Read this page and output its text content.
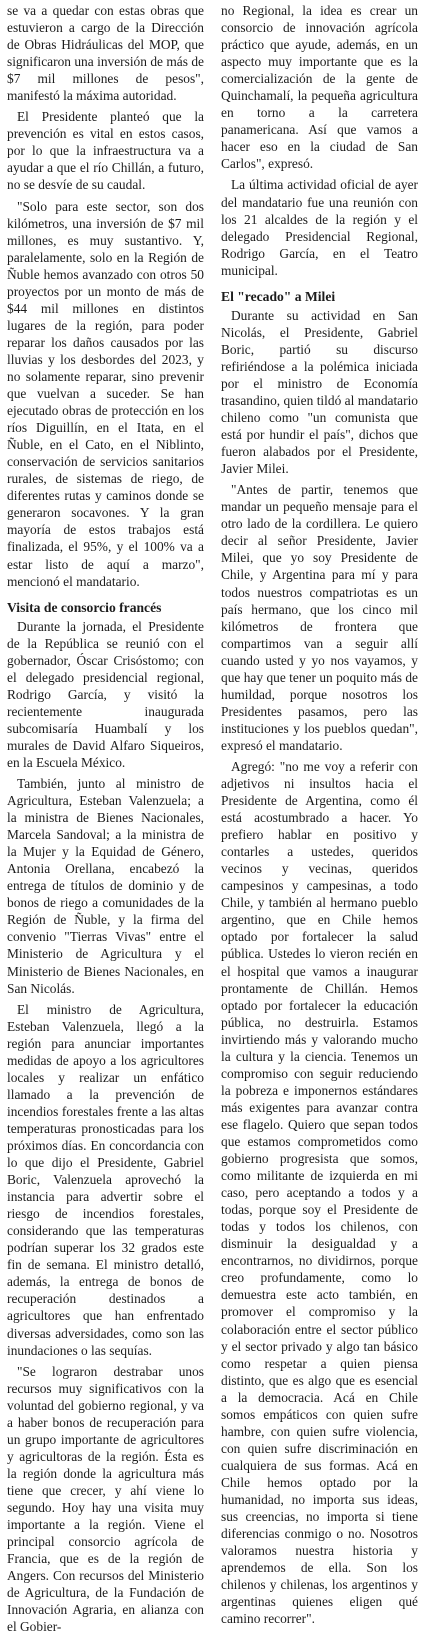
se va a quedar con estas obras que estuvieron a cargo de la Dirección de Obras Hidráulicas del MOP, que significaron una inversión de más de $7 mil millones de pesos", manifestó la máxima autoridad.

El Presidente planteó que la prevención es vital en estos casos, por lo que la infraestructura va a ayudar a que el río Chillán, a futuro, no se desvíe de su caudal.

"Solo para este sector, son dos kilómetros, una inversión de $7 mil millones, es muy sustantivo. Y, paralelamente, solo en la Región de Ñuble hemos avanzado con otros 50 proyectos por un monto de más de $44 mil millones en distintos lugares de la región, para poder reparar los daños causados por las lluvias y los desbordes del 2023, y no solamente reparar, sino prevenir que vuelvan a suceder. Se han ejecutado obras de protección en los ríos Diguillín, en el Itata, en el Ñuble, en el Cato, en el Niblinto, conservación de servicios sanitarios rurales, de sistemas de riego, de diferentes rutas y caminos donde se generaron socavones. Y la gran mayoría de estos trabajos está finalizada, el 95%, y el 100% va a estar listo de aquí a marzo", mencionó el mandatario.

Visita de consorcio francés

Durante la jornada, el Presidente de la República se reunió con el gobernador, Óscar Crisóstomo; con el delegado presidencial regional, Rodrigo García, y visitó la recientemente inaugurada subcomisaría Huambalí y los murales de David Alfaro Siqueiros, en la Escuela México.

También, junto al ministro de Agricultura, Esteban Valenzuela; a la ministra de Bienes Nacionales, Marcela Sandoval; a la ministra de la Mujer y la Equidad de Género, Antonia Orellana, encabezó la entrega de títulos de dominio y de bonos de riego a comunidades de la Región de Ñuble, y la firma del convenio "Tierras Vivas" entre el Ministerio de Agricultura y el Ministerio de Bienes Nacionales, en San Nicolás.

El ministro de Agricultura, Esteban Valenzuela, llegó a la región para anunciar importantes medidas de apoyo a los agricultores locales y realizar un enfático llamado a la prevención de incendios forestales frente a las altas temperaturas pronosticadas para los próximos días. En concordancia con lo que dijo el Presidente, Gabriel Boric, Valenzuela aprovechó la instancia para advertir sobre el riesgo de incendios forestales, considerando que las temperaturas podrían superar los 32 grados este fin de semana. El ministro detalló, además, la entrega de bonos de recuperación destinados a agricultores que han enfrentado diversas adversidades, como son las inundaciones o las sequías.

"Se lograron destrabar unos recursos muy significativos con la voluntad del gobierno regional, y va a haber bonos de recuperación para un grupo importante de agricultores y agricultoras de la región. Ésta es la región donde la agricultura más tiene que crecer, y ahí viene lo segundo. Hoy hay una visita muy importante a la región. Viene el principal consorcio agrícola de Francia, que es de la región de Angers. Con recursos del Ministerio de Agricultura, de la Fundación de Innovación Agraria, en alianza con el Gobier-

no Regional, la idea es crear un consorcio de innovación agrícola práctico que ayude, además, en un aspecto muy importante que es la comercialización de la gente de Quinchamalí, la pequeña agricultura en torno a la carretera panamericana. Así que vamos a hacer eso en la ciudad de San Carlos", expresó.

La última actividad oficial de ayer del mandatario fue una reunión con los 21 alcaldes de la región y el delegado Presidencial Regional, Rodrigo García, en el Teatro municipal.

El "recado" a Milei

Durante su actividad en San Nicolás, el Presidente, Gabriel Boric, partió su discurso refiriéndose a la polémica iniciada por el ministro de Economía trasandino, quien tildó al mandatario chileno como "un comunista que está por hundir el país", dichos que fueron alabados por el Presidente, Javier Milei.

"Antes de partir, tenemos que mandar un pequeño mensaje para el otro lado de la cordillera. Le quiero decir al señor Presidente, Javier Milei, que yo soy Presidente de Chile, y Argentina para mí y para todos nuestros compatriotas es un país hermano, que los cinco mil kilómetros de frontera que compartimos van a seguir allí cuando usted y yo nos vayamos, y que hay que tener un poquito más de humildad, porque nosotros los Presidentes pasamos, pero las instituciones y los pueblos quedan", expresó el mandatario.

Agregó: "no me voy a referir con adjetivos ni insultos hacia el Presidente de Argentina, como él está acostumbrado a hacer. Yo prefiero hablar en positivo y contarles a ustedes, queridos vecinos y vecinas, queridos campesinos y campesinas, a todo Chile, y también al hermano pueblo argentino, que en Chile hemos optado por fortalecer la salud pública. Ustedes lo vieron recién en el hospital que vamos a inaugurar prontamente de Chillán. Hemos optado por fortalecer la educación pública, no destruirla. Estamos invirtiendo más y valorando mucho la cultura y la ciencia. Tenemos un compromiso con seguir reduciendo la pobreza e imponernos estándares más exigentes para avanzar contra ese flagelo. Quiero que sepan todos que estamos comprometidos como gobierno progresista que somos, como militante de izquierda en mi caso, pero aceptando a todos y a todas, porque soy el Presidente de todas y todos los chilenos, con disminuir la desigualdad y a encontrarnos, no dividirnos, porque creo profundamente, como lo demuestra este acto también, en promover el compromiso y la colaboración entre el sector público y el sector privado y algo tan básico como respetar a quien piensa distinto, que es algo que es esencial a la democracia. Acá en Chile somos empáticos con quien sufre hambre, con quien sufre violencia, con quien sufre discriminación en cualquiera de sus formas. Acá en Chile hemos optado por la humanidad, no importa sus ideas, sus creencias, no importa si tiene diferencias conmigo o no. Nosotros valoramos nuestra historia y aprendemos de ella. Son los chilenos y chilenas, los argentinos y argentinas quienes eligen qué camino recorrer".
